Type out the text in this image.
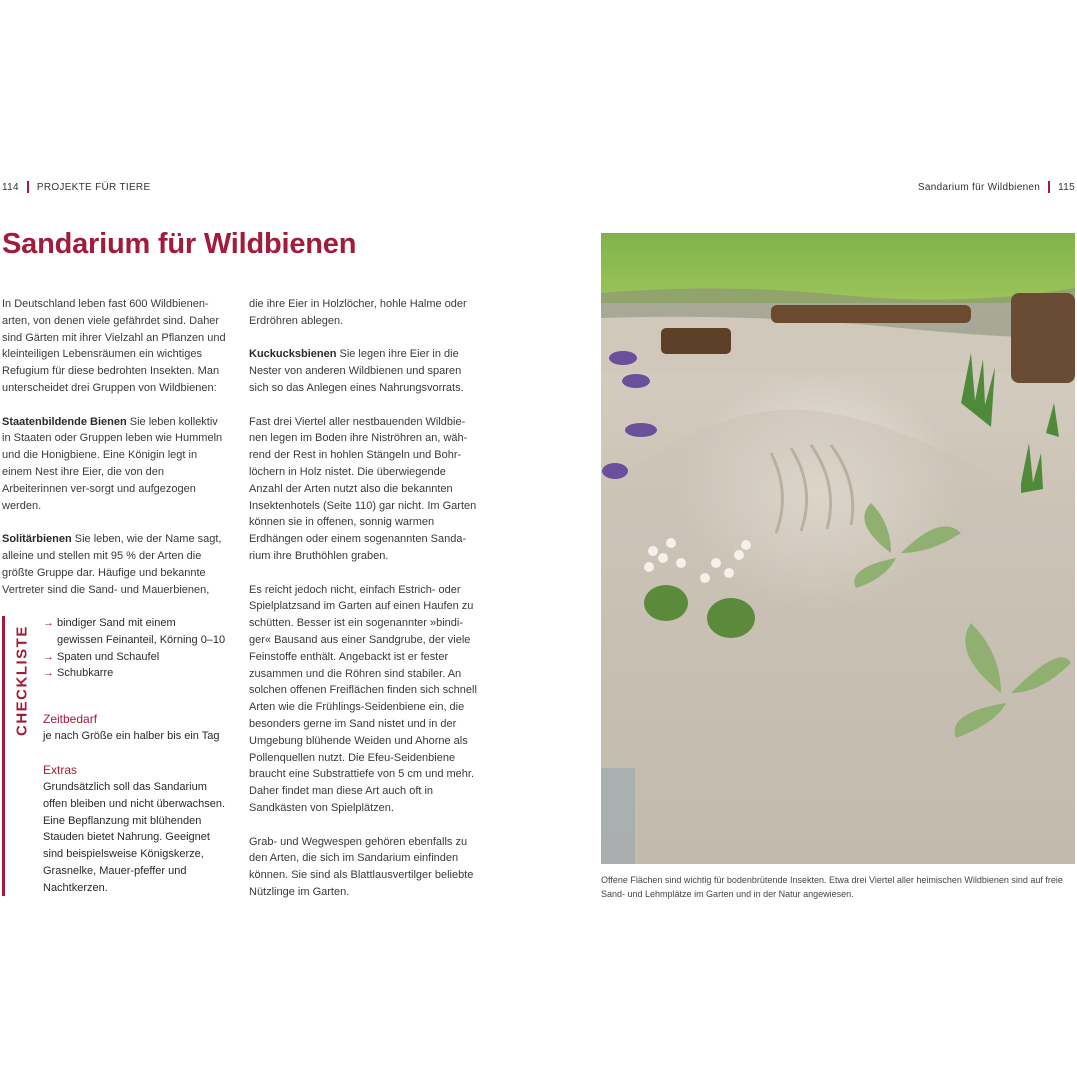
114 PROJEKTE FÜR TIERE	Sandarium für Wildbienen 115
Sandarium für Wildbienen

In Deutschland leben fast 600 Wildbienen-arten, von denen viele gefährdet sind. Daher sind Gärten mit ihrer Vielzahl an Pflanzen und kleinteiligen Lebensräumen ein wichtiges Refugium für diese bedrohten Insekten. Man unterscheidet drei Gruppen von Wildbienen:

Staatenbildende Bienen Sie leben kollektiv in Staaten oder Gruppen leben wie Hummeln und die Honigbiene. Eine Königin legt in einem Nest ihre Eier, die von den Arbeiterinnen ver-sorgt und aufgezogen werden.

Solitärbienen Sie leben, wie der Name sagt, alleine und stellen mit 95 % der Arten die größte Gruppe dar. Häufige und bekannte Vertreter sind die Sand- und Mauerbienen,

CHECKLISTE
→ bindiger Sand mit einem
gewissen Feinanteil, Körning 0–10
→ Spaten und Schaufel
→ Schubkarre
Zeitbedarf
je nach Größe ein halber bis ein Tag
Extras
Grundsätzlich soll das Sandarium offen bleiben und nicht überwachsen. Eine Bepflanzung mit blühenden Stauden bietet Nahrung. Geeignet sind beispielsweise Königskerze, Grasnelke, Mauer-pfeffer und Nachtkerzen.

die ihre Eier in Holzlöcher, hohle Halme oder Erdröhren ablegen.

Kuckucksbienen Sie legen ihre Eier in die Nester von anderen Wildbienen und sparen sich so das Anlegen eines Nahrungsvorrats.

Fast drei Viertel aller nestbauenden Wildbie-nen legen im Boden ihre Niströhren an, wäh-rend der Rest in hohlen Stängeln und Bohr-löchern in Holz nistet. Die überwiegende Anzahl der Arten nutzt also die bekannten Insektenhotels (Seite 110) gar nicht. Im Garten können sie in offenen, sonnig warmen Erdhängen oder einem sogenannten Sanda-rium ihre Bruthöhlen graben.

Es reicht jedoch nicht, einfach Estrich- oder Spielplatzsand im Garten auf einen Haufen zu schütten. Besser ist ein sogenannter »bindi-ger« Bausand aus einer Sandgrube, der viele Feinstoffe enthält. Angebackt ist er fester zusammen und die Röhren sind stabiler. An solchen offenen Freiflächen finden sich schnell Arten wie die Frühlings-Seidenbiene ein, die besonders gerne im Sand nistet und in der Umgebung blühende Weiden und Ahorne als Pollenquellen nutzt. Die Efeu-Seidenbiene braucht eine Substrattiefe von 5 cm und mehr. Daher findet man diese Art auch oft in Sandkästen von Spielplätzen.

Grab- und Wegwespen gehören ebenfalls zu den Arten, die sich im Sandarium einfinden können. Sie sind als Blattlausvertilger beliebte Nützlinge im Garten.

Offene Flächen sind wichtig für bodenbrütende Insekten. Etwa drei Viertel aller heimischen Wildbienen sind auf freie Sand- und Lehmplätze im Garten und in der Natur angewiesen.
